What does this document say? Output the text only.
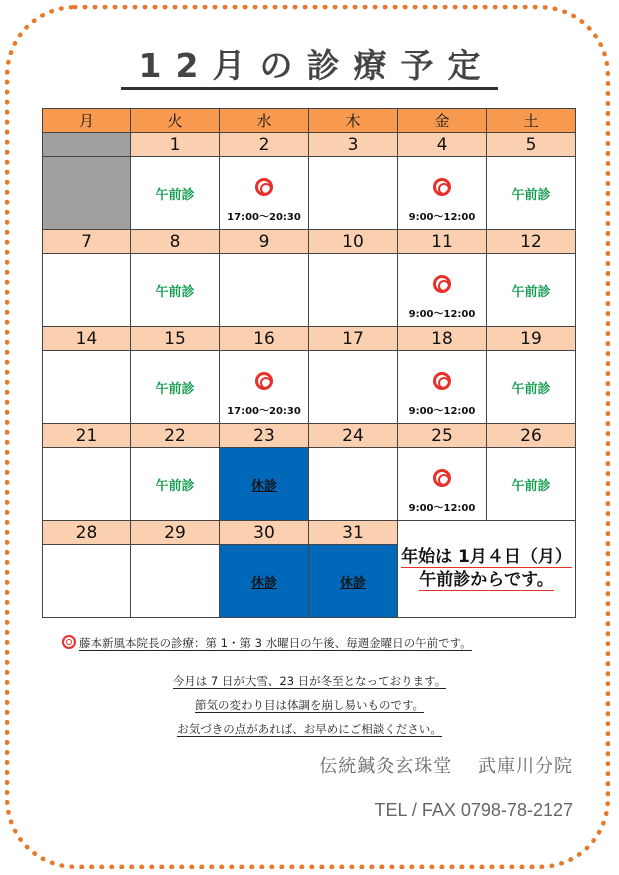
12月の診療予定
月	火	水	木	金	土
	1	2	3	4	5
	午前診	17:00～20:30		9:00～12:00	午前診
7	8	9	10	11	12
	午前診			9:00～12:00	午前診
14	15	16	17	18	19
	午前診	17:00～20:30		9:00～12:00	午前診
21	22	23	24	25	26
	午前診	休診		9:00～12:00	午前診
28	29	30	31	年始は 1月４日（月）
午前診からです。	

		休診	休診		
藤本新風本院長の診療：第 1・第 3 水曜日の午後、毎週金曜日の午前です。
今月は 7 日が大雪、23 日が冬至となっております。
節気の変わり目は体調を崩し易いものです。
お気づきの点があれば、お早めにご相談ください。
伝統鍼灸玄珠堂　 武庫川分院
TEL / FAX 0798-78-2127
